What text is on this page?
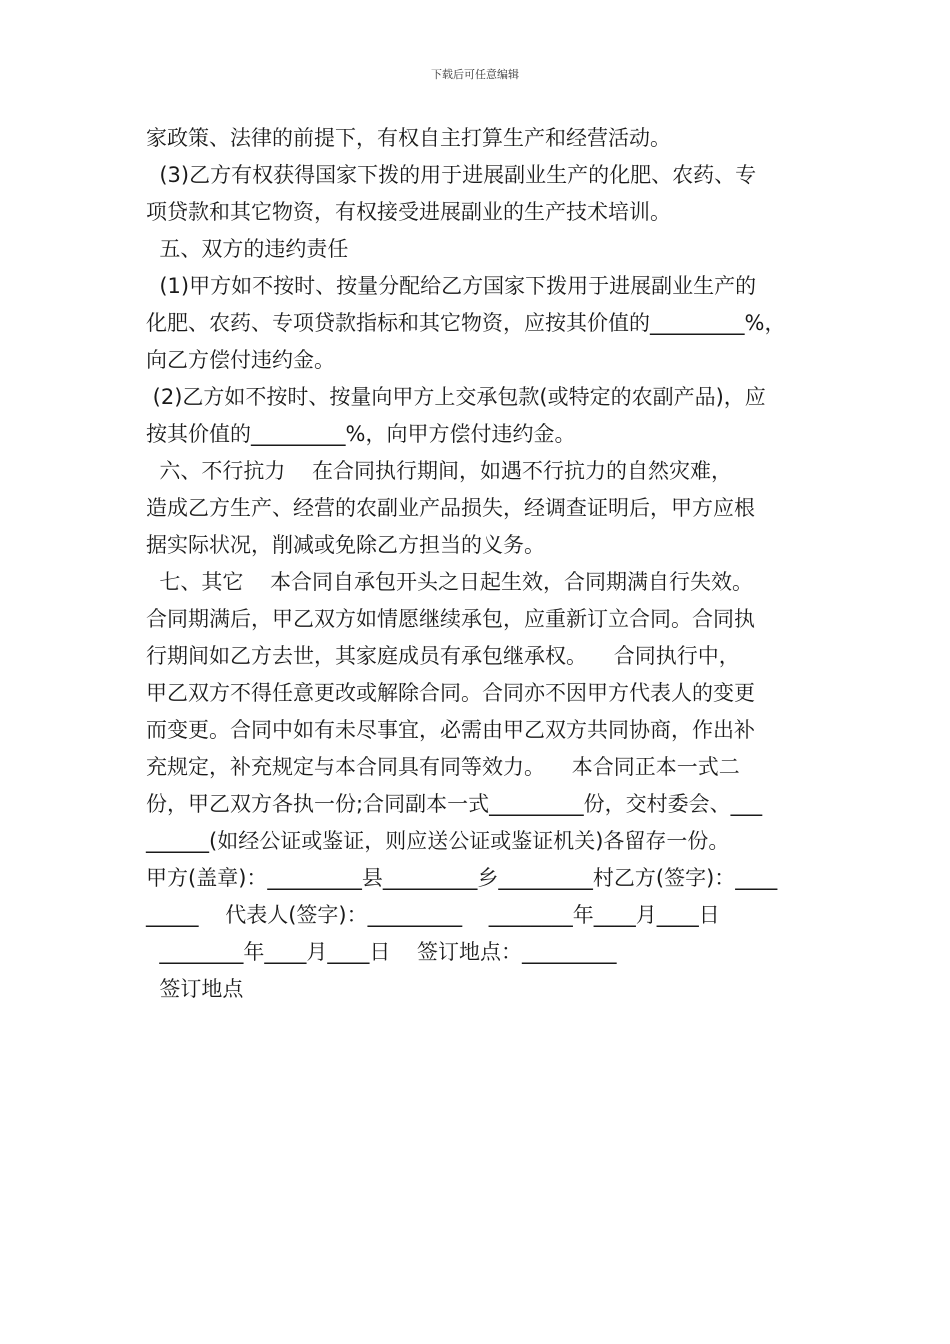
下载后可任意编辑
家政策、法律的前提下，有权自主打算生产和经营活动。
(3)乙方有权获得国家下拨的用于进展副业生产的化肥、农药、专
项贷款和其它物资，有权接受进展副业的生产技术培训。
五、双方的违约责任
(1)甲方如不按时、按量分配给乙方国家下拨用于进展副业生产的
化肥、农药、专项贷款指标和其它物资，应按其价值的_________%，
向乙方偿付违约金。
(2)乙方如不按时、按量向甲方上交承包款(或特定的农副产品)，应
按其价值的_________%，向甲方偿付违约金。
六、不行抗力    在合同执行期间，如遇不行抗力的自然灾难，
造成乙方生产、经营的农副业产品损失，经调查证明后，甲方应根
据实际状况，削减或免除乙方担当的义务。
七、其它    本合同自承包开头之日起生效，合同期满自行失效。
合同期满后，甲乙双方如情愿继续承包，应重新订立合同。合同执
行期间如乙方去世，其家庭成员有承包继承权。    合同执行中，
甲乙双方不得任意更改或解除合同。合同亦不因甲方代表人的变更
而变更。合同中如有未尽事宜，必需由甲乙双方共同协商，作出补
充规定，补充规定与本合同具有同等效力。    本合同正本一式二
份，甲乙双方各执一份;合同副本一式_________份，交村委会、___
______(如经公证或鉴证，则应送公证或鉴证机关)各留存一份。
甲方(盖章)：_________县_________乡_________村乙方(签字)：____
_____    代表人(签字)：_________    ________年____月____日
________年____月____日    签订地点：_________
签订地点
